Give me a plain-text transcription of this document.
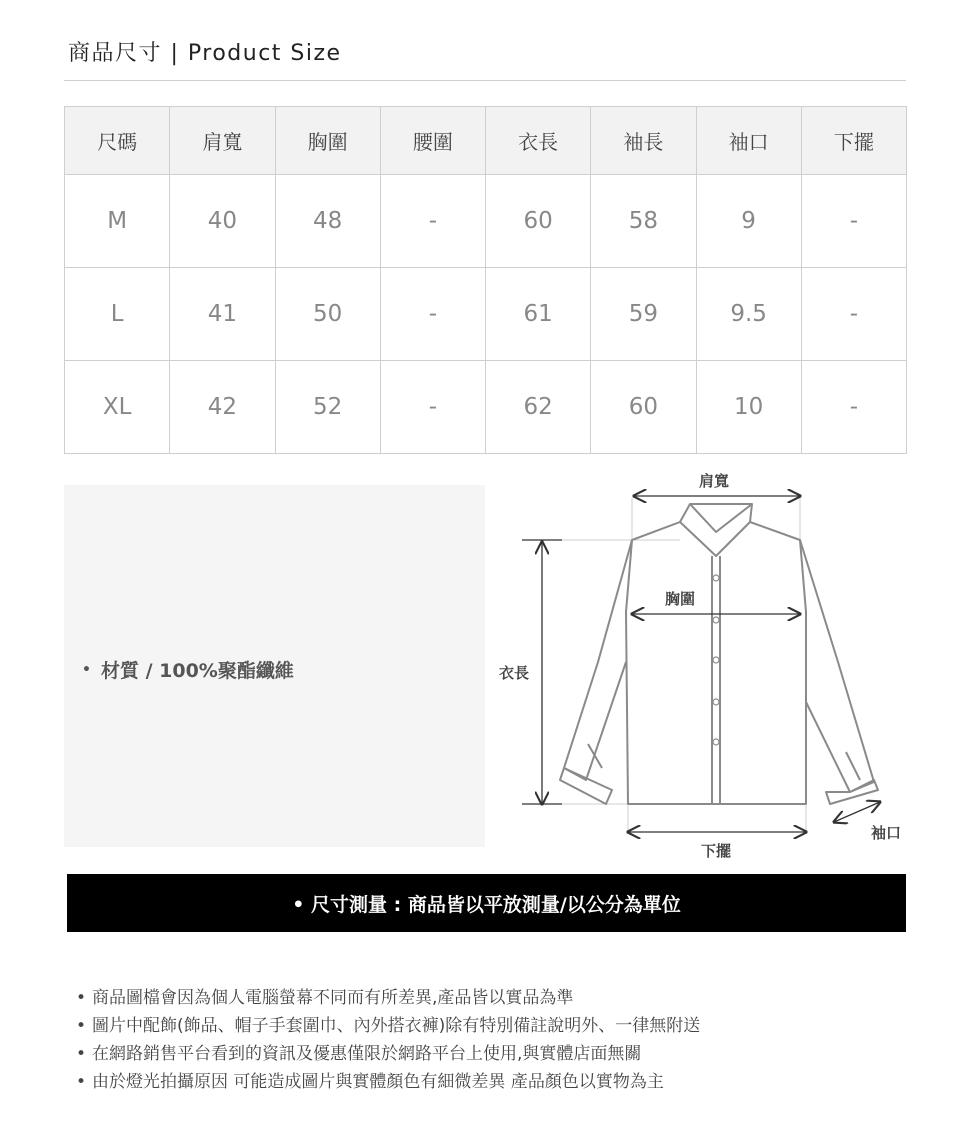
商品尺寸 | Product Size
尺碼	肩寬	胸圍	腰圍	衣長	袖長	袖口	下擺
M	40	48	-	60	58	9	-
L	41	50	-	61	59	9.5	-
XL	42	52	-	62	60	10	-
• 材質 / 100%聚酯纖維
肩寬
胸圍
衣長
下擺
袖口
• 尺寸測量 : 商品皆以平放測量/以公分為單位
• 商品圖檔會因為個人電腦螢幕不同而有所差異,產品皆以實品為準
• 圖片中配飾(飾品、帽子手套圍巾、內外搭衣褲)除有特別備註說明外、一律無附送
• 在網路銷售平台看到的資訊及優惠僅限於網路平台上使用,與實體店面無關
• 由於燈光拍攝原因 可能造成圖片與實體顏色有細微差異 產品顏色以實物為主
